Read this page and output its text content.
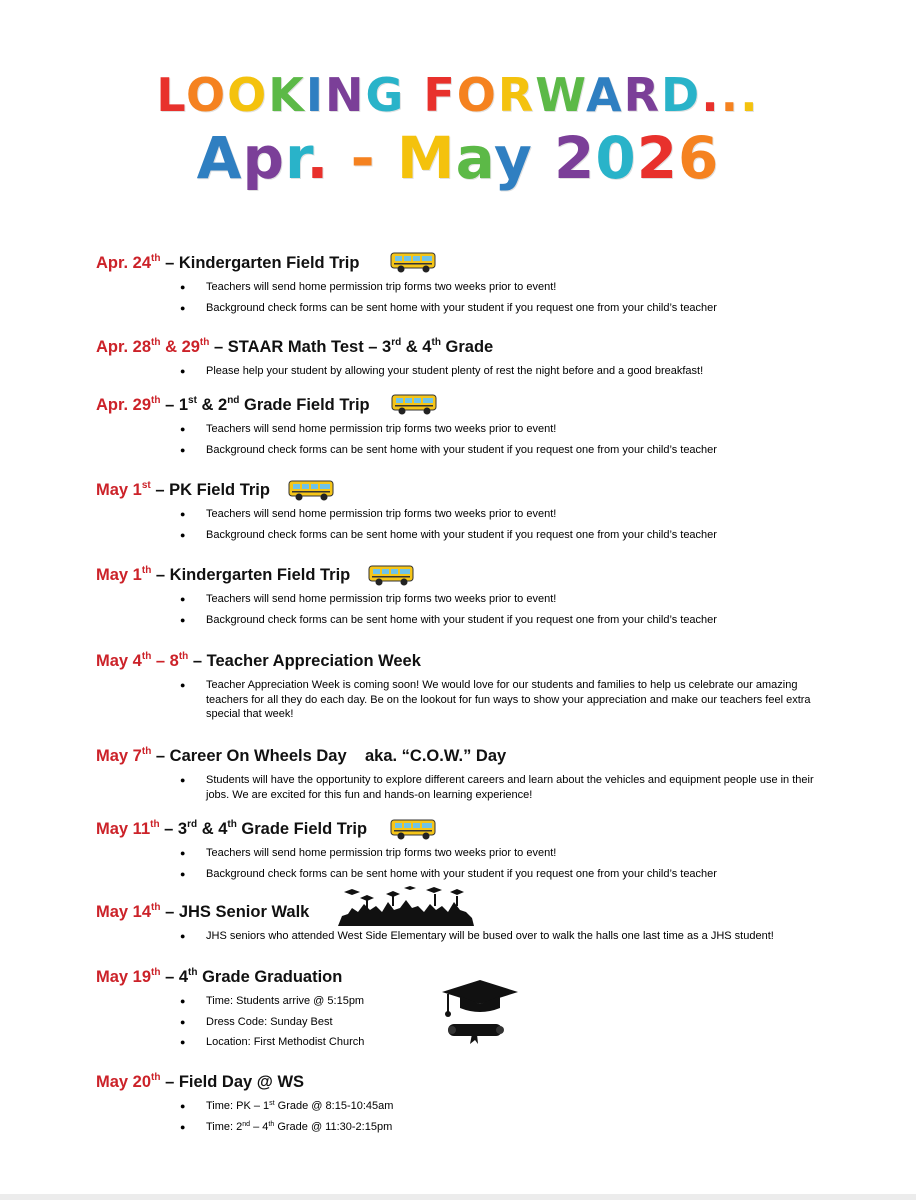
LOOKING FORWARD...
Apr. - May 2026
Apr. 24th – Kindergarten Field Trip
● Teachers will send home permission trip forms two weeks prior to event!
● Background check forms can be sent home with your student if you request one from your child’s teacher
Apr. 28th & 29th – STAAR Math Test – 3rd & 4th Grade
● Please help your student by allowing your student plenty of rest the night before and a good breakfast!
Apr. 29th – 1st & 2nd Grade Field Trip
● Teachers will send home permission trip forms two weeks prior to event!
● Background check forms can be sent home with your student if you request one from your child’s teacher
May 1st – PK Field Trip
● Teachers will send home permission trip forms two weeks prior to event!
● Background check forms can be sent home with your student if you request one from your child’s teacher
May 1th – Kindergarten Field Trip
● Teachers will send home permission trip forms two weeks prior to event!
● Background check forms can be sent home with your student if you request one from your child’s teacher
May 4th – 8th – Teacher Appreciation Week
● Teacher Appreciation Week is coming soon! We would love for our students and families to help us celebrate our amazing teachers for all they do each day. Be on the lookout for fun ways to show your appreciation and make our teachers feel extra special that week!
May 7th – Career On Wheels Day    aka. “C.O.W.” Day
● Students will have the opportunity to explore different careers and learn about the vehicles and equipment people use in their jobs. We are excited for this fun and hands-on learning experience!
May 11th – 3rd & 4th Grade Field Trip
● Teachers will send home permission trip forms two weeks prior to event!
● Background check forms can be sent home with your student if you request one from your child’s teacher
May 14th – JHS Senior Walk
● JHS seniors who attended West Side Elementary will be bused over to walk the halls one last time as a JHS student!
May 19th – 4th Grade Graduation
● Time: Students arrive @ 5:15pm
● Dress Code: Sunday Best
● Location: First Methodist Church
May 20th – Field Day @ WS
● Time: PK – 1st Grade @ 8:15-10:45am
● Time: 2nd – 4th Grade @ 11:30-2:15pm
